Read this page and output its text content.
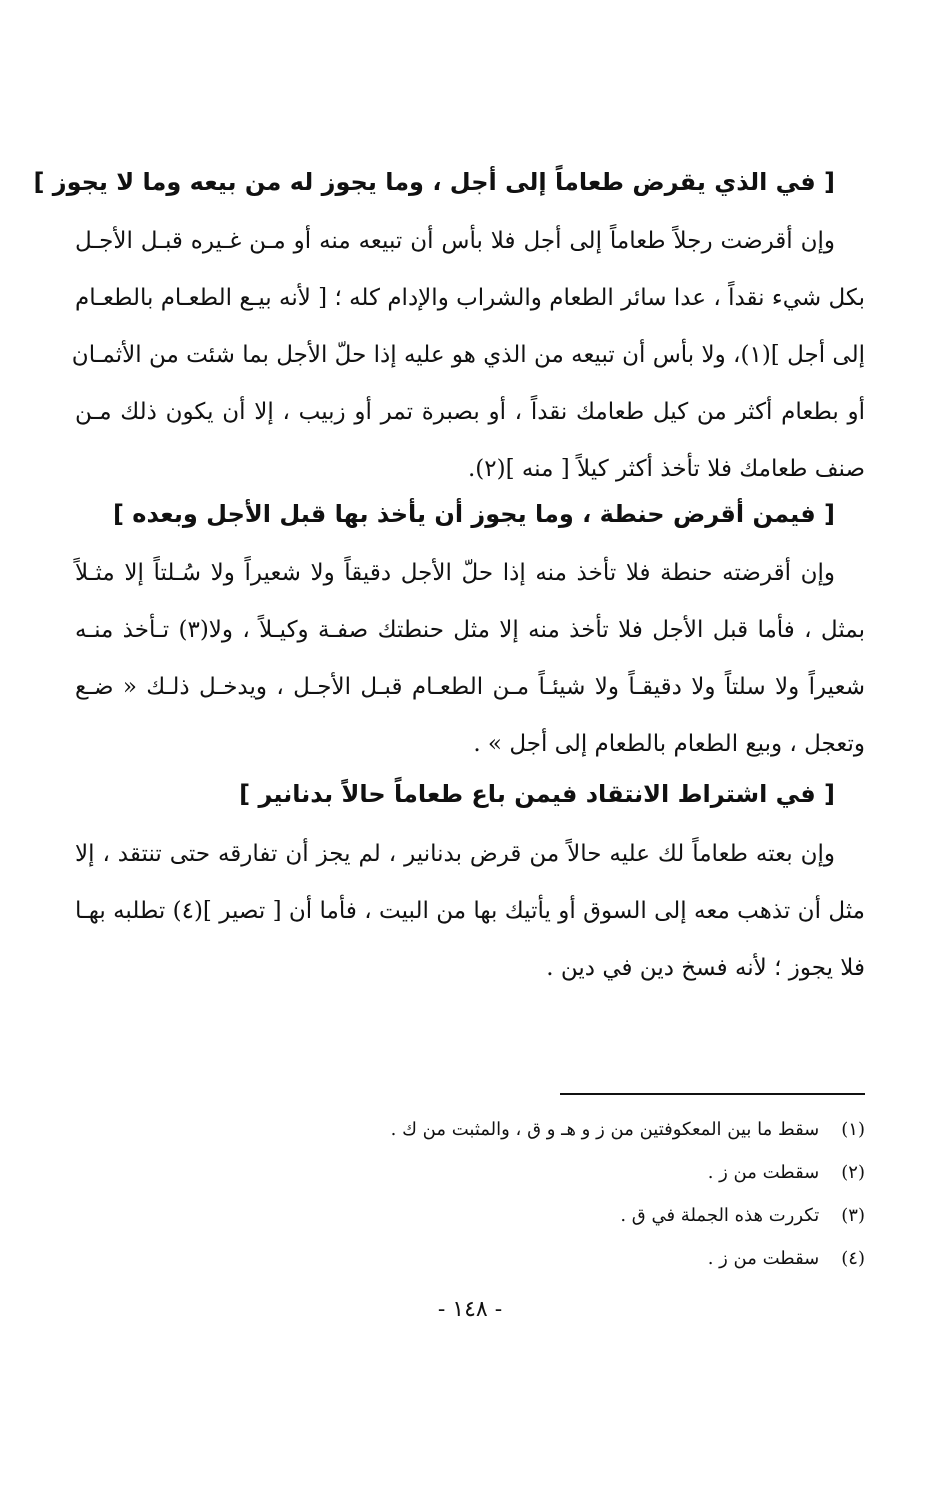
[ في الذي يقرض طعاماً إلى أجل ، وما يجوز له من بيعه وما لا يجوز ]

وإن أقرضت رجلاً طعاماً إلى أجل فلا بأس أن تبيعه منه أو مـن غـيره قبـل الأجـل
بكل شيء نقداً ، عدا سائر الطعام والشراب والإدام كله ؛ [ لأنه بيـع الطعـام بالطعـام
إلى أجل ](١)، ولا بأس أن تبيعه من الذي هو عليه إذا حلّ الأجل بما شئت من الأثمـان
أو بطعام أكثر من كيل طعامك نقداً ، أو بصبرة تمر أو زبيب ، إلا أن يكون ذلك مـن
صنف طعامك فلا تأخذ أكثر كيلاً [ منه ](٢).

[ فيمن أقرض حنطة ، وما يجوز أن يأخذ بها قبل الأجل وبعده ]

وإن أقرضته حنطة فلا تأخذ منه إذا حلّ الأجل دقيقاً ولا شعيراً ولا سُـلتاً إلا مثـلاً
بمثل ، فأما قبل الأجل فلا تأخذ منه إلا مثل حنطتك صفـة وكيـلاً ، ولا(٣) تـأخذ منـه
شعيراً ولا سلتاً ولا دقيقـاً ولا شيئـاً مـن الطعـام قبـل الأجـل ، ويدخـل ذلـك « ضـع
وتعجل ، وبيع الطعام بالطعام إلى أجل » .

[ في اشتراط الانتقاد فيمن باع طعاماً حالاً بدنانير ]

وإن بعته طعاماً لك عليه حالاً من قرض بدنانير ، لم يجز أن تفارقه حتى تنتقد ، إلا
مثل أن تذهب معه إلى السوق أو يأتيك بها من البيت ، فأما أن [ تصير ](٤) تطلبه بهـا
فلا يجوز ؛ لأنه فسخ دين في دين .

(١) سقط ما بين المعكوفتين من ز و هـ و ق ، والمثبت من ك .
(٢) سقطت من ز .
(٣) تكررت هذه الجملة في ق .
(٤) سقطت من ز .
- ١٤٨ -
